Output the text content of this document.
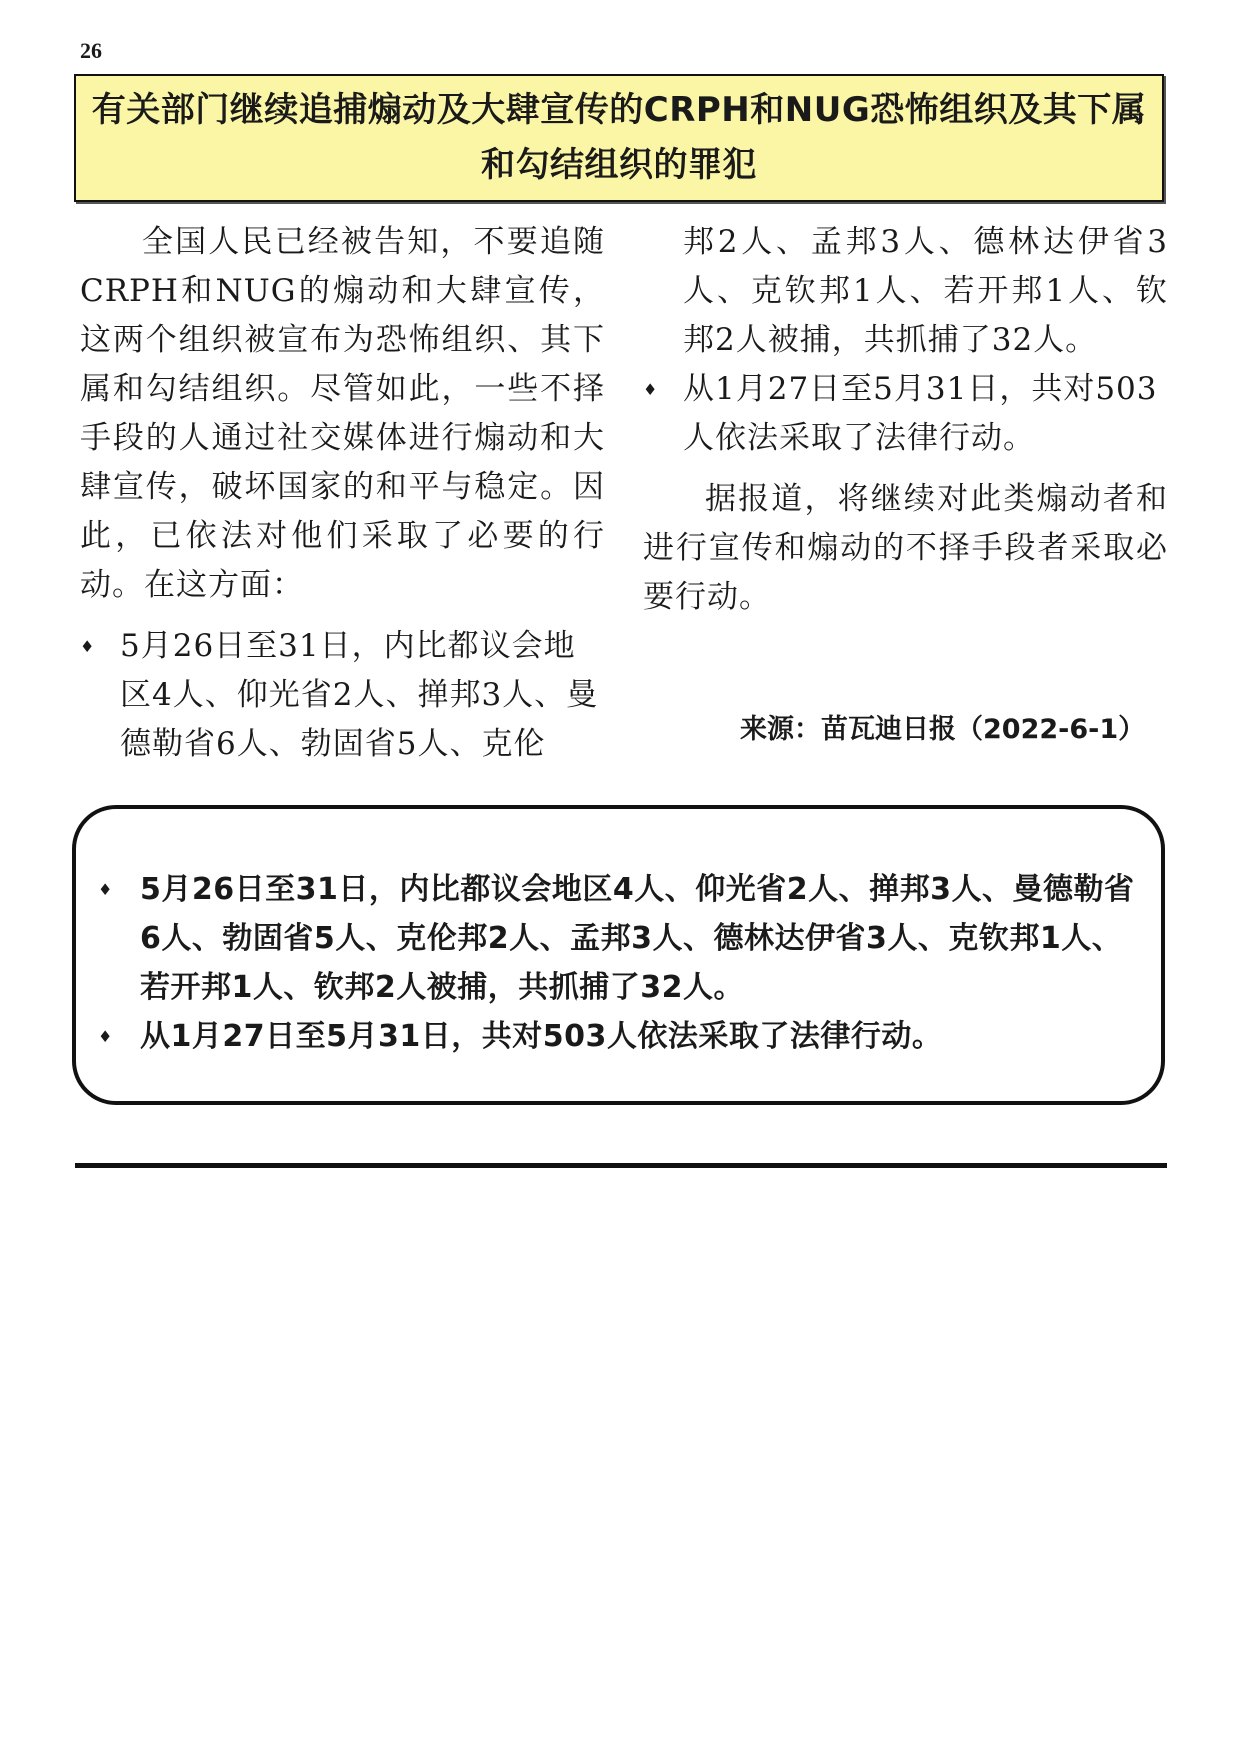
26
有关部门继续追捕煽动及大肆宣传的CRPH和NUG恐怖组织及其下属和勾结组织的罪犯

全国人民已经被告知，不要追随CRPH和NUG的煽动和大肆宣传，这两个组织被宣布为恐怖组织、其下属和勾结组织。尽管如此，一些不择手段的人通过社交媒体进行煽动和大肆宣传，破坏国家的和平与稳定。因此，已依法对他们采取了必要的行动。在这方面：

♦ 5月26日至31日，内比都议会地区4人、仰光省2人、掸邦3人、曼德勒省6人、勃固省5人、克伦

邦2人、孟邦3人、德林达伊省3人、克钦邦1人、若开邦1人、钦邦2人被捕，共抓捕了32人。

♦ 从1月27日至5月31日，共对503人依法采取了法律行动。

据报道，将继续对此类煽动者和进行宣传和煽动的不择手段者采取必要行动。

来源：苗瓦迪日报（2022-6-1）
♦ 5月26日至31日，内比都议会地区4人、仰光省2人、掸邦3人、曼德勒省6人、勃固省5人、克伦邦2人、孟邦3人、德林达伊省3人、克钦邦1人、若开邦1人、钦邦2人被捕，共抓捕了32人。
♦ 从1月27日至5月31日，共对503人依法采取了法律行动。
